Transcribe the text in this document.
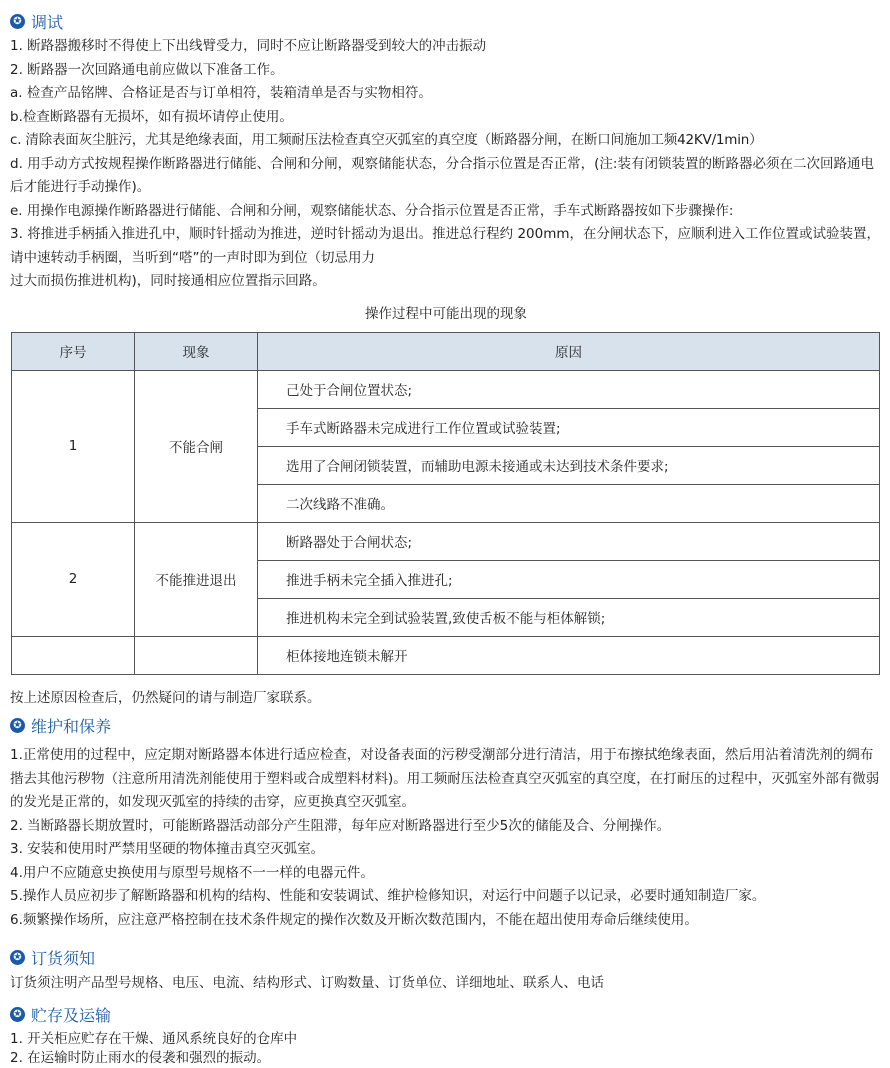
✪ 调试

1. 断路器搬移时不得使上下出线臂受力，同时不应让断路器受到较大的冲击振动

2. 断路器一次回路通电前应做以下准备工作。

a. 检查产品铭牌、合格证是否与订单相符，装箱清单是否与实物相符。

b.检查断路器有无损坏，如有损坏请停止使用。

c. 清除表面灰尘脏污，尤其是绝缘表面，用工频耐压法检查真空灭弧室的真空度（断路器分闸，在断口间施加工频42KV/1min）

d. 用手动方式按规程操作断路器进行储能、合闸和分闸，观察储能状态，分合指示位置是否正常，(注:装有闭锁装置的断路器必须在二次回路通电后才能进行手动操作)。

e. 用操作电源操作断路器进行储能、合闸和分闸，观察储能状态、分合指示位置是否正常，手车式断路器按如下步骤操作:

3. 将推进手柄插入推进孔中，顺时针摇动为推进，逆时针摇动为退出。推进总行程约 200mm，在分闸状态下，应顺利进入工作位置或试验装置，请中速转动手柄圈，当听到“嗒”的一声时即为到位（切忌用力

过大而损伤推进机构)，同时接通相应位置指示回路。

操作过程中可能出现的现象
序号	现象	原因
1	不能合闸	己处于合闸位置状态;
		手车式断路器未完成进行工作位置或试验装置;
		选用了合闸闭锁装置，而辅助电源未接通或未达到技术条件要求;
		二次线路不准确。
2	不能推进退出	断路器处于合闸状态;
		推进手柄未完全插入推进孔;
		推进机构未完全到试验装置,致使舌板不能与柜体解锁;
		柜体接地连锁未解开

按上述原因检查后，仍然疑问的请与制造厂家联系。

✪ 维护和保养

1.正常使用的过程中，应定期对断路器本体进行适应检查，对设备表面的污秽受潮部分进行清洁，用于布擦拭绝缘表面，然后用沾着清洗剂的绸布揩去其他污秽物（注意所用清洗剂能使用于塑料或合成塑料材料)。用工频耐压法检查真空灭弧室的真空度，在打耐压的过程中，灭弧室外部有微弱的发光是正常的，如发现灭弧室的持续的击穿，应更换真空灭弧室。

2. 当断路器长期放置时，可能断路器活动部分产生阻滞，每年应对断路器进行至少5次的储能及合、分闸操作。

3. 安装和使用时严禁用坚硬的物体撞击真空灭弧室。

4.用户不应随意史换使用与原型号规格不一一样的电器元件。

5.操作人员应初步了解断路器和机构的结构、性能和安装调试、维护检修知识，对运行中问题子以记录，必要时通知制造厂家。

6.频繁操作场所，应注意严格控制在技术条件规定的操作次数及开断次数范围内，不能在超出使用寿命后继续使用。

✪ 订货须知

订货须注明产品型号规格、电压、电流、结构形式、订购数量、订货单位、详细地址、联系人、电话

✪ 贮存及运输

1. 开关柜应贮存在干燥、通风系统良好的仓库中

2. 在运输时防止雨水的侵袭和强烈的振动。
